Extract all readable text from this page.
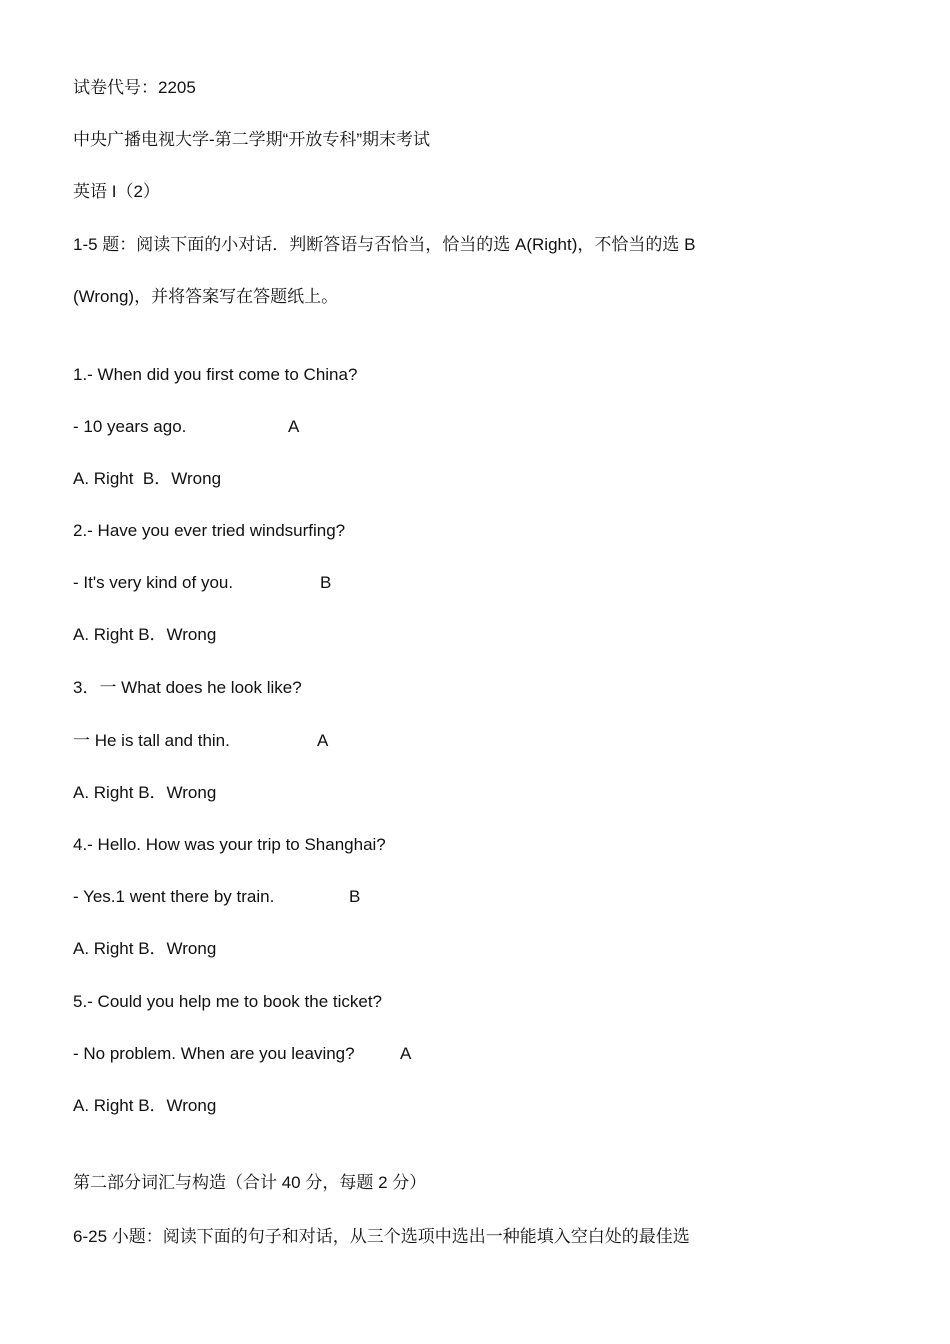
试卷代号：2205
中央广播电视大学-第二学期“开放专科”期末考试
英语 I（2）
1-5 题：阅读下面的小对话．判断答语与否恰当，恰当的选 A(Right)，不恰当的选 B
(Wrong)，并将答案写在答题纸上。
1.- When did you first come to China?
- 10 years ago.	A
A. Right  B．Wrong
2.- Have you ever tried windsurfing?
- It's very kind of you.	B
A. Right B．Wrong
3．一 What does he look like?
一 He is tall and thin.	A
A. Right B．Wrong
4.- Hello. How was your trip to Shanghai?
- Yes.1 went there by train.	B
A. Right B．Wrong
5.- Could you help me to book the ticket?
- No problem. When are you leaving?	A
A. Right B．Wrong
第二部分词汇与构造（合计 40 分，每题 2 分）
6-25 小题：阅读下面的句子和对话，从三个选项中选出一种能填入空白处的最佳选
